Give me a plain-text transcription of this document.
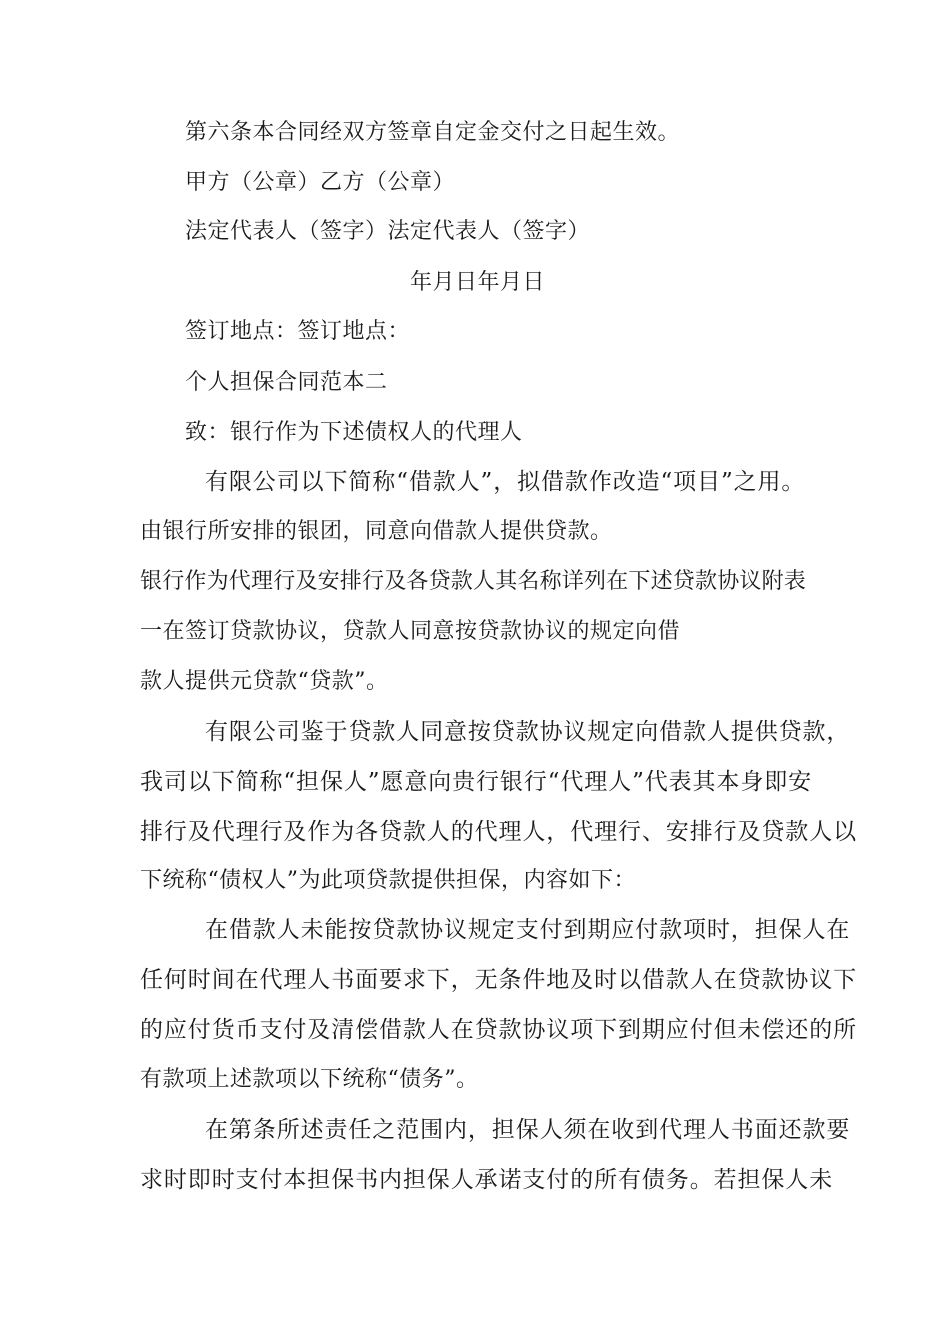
第六条本合同经双方签章自定金交付之日起生效。

甲方（公章）乙方（公章）

法定代表人（签字）法定代表人（签字）

年月日年月日

签订地点：签订地点：

个人担保合同范本二

致：银行作为下述债权人的代理人

有限公司以下简称“借款人”，拟借款作改造“项目”之用。

由银行所安排的银团，同意向借款人提供贷款。

银行作为代理行及安排行及各贷款人其名称详列在下述贷款协议附表

一在签订贷款协议，贷款人同意按贷款协议的规定向借

款人提供元贷款“贷款”。

有限公司鉴于贷款人同意按贷款协议规定向借款人提供贷款，

我司以下简称“担保人”愿意向贵行银行“代理人”代表其本身即安

排行及代理行及作为各贷款人的代理人，代理行、安排行及贷款人以

下统称“债权人”为此项贷款提供担保，内容如下：

在借款人未能按贷款协议规定支付到期应付款项时，担保人在

任何时间在代理人书面要求下，无条件地及时以借款人在贷款协议下

的应付货币支付及清偿借款人在贷款协议项下到期应付但未偿还的所

有款项上述款项以下统称“债务”。

在第条所述责任之范围内，担保人须在收到代理人书面还款要

求时即时支付本担保书内担保人承诺支付的所有债务。若担保人未
